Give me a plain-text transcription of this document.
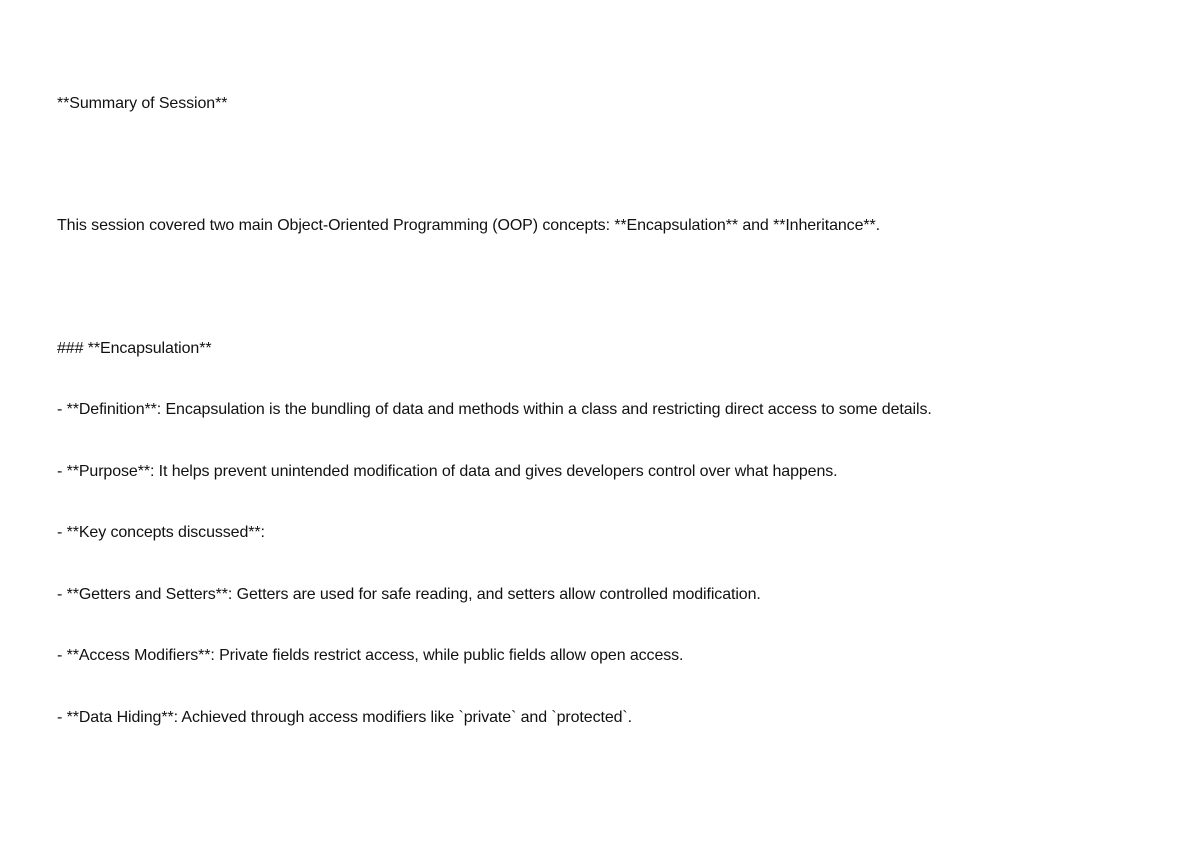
**Summary of Session**
This session covered two main Object-Oriented Programming (OOP) concepts: **Encapsulation** and **Inheritance**.
### **Encapsulation**
- **Definition**: Encapsulation is the bundling of data and methods within a class and restricting direct access to some details.
- **Purpose**: It helps prevent unintended modification of data and gives developers control over what happens.
- **Key concepts discussed**:
- **Getters and Setters**: Getters are used for safe reading, and setters allow controlled modification.
- **Access Modifiers**: Private fields restrict access, while public fields allow open access.
- **Data Hiding**: Achieved through access modifiers like `private` and `protected`.
